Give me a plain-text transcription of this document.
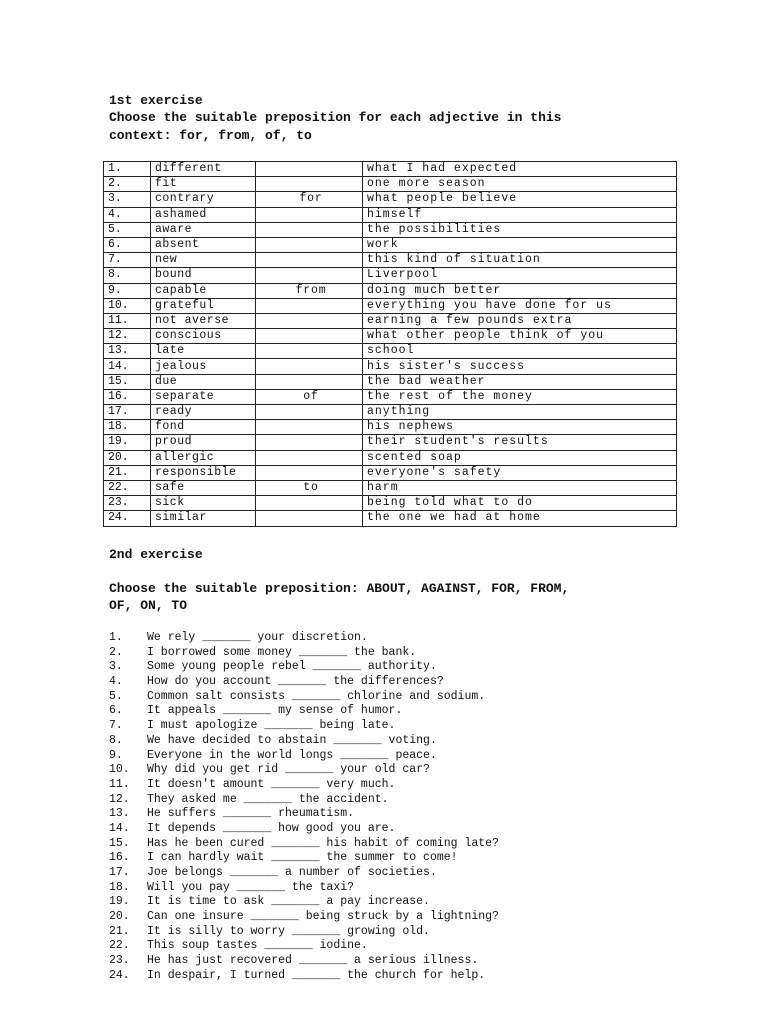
1st exercise

Choose the suitable preposition for each adjective in this

context: for, from, of, to

1.	different		what I had expected
2.	fit		one more season
3.	contrary	for	what people believe
4.	ashamed		himself
5.	aware		the possibilities
6.	absent		work
7.	new		this kind of situation
8.	bound		Liverpool
9.	capable	from	doing much better
10.	grateful		everything you have done for us
11.	not averse		earning a few pounds extra
12.	conscious		what other people think of you
13.	late		school
14.	jealous		his sister's success
15.	due		the bad weather
16.	separate	of	the rest of the money
17.	ready		anything
18.	fond		his nephews
19.	proud		their student's results
20.	allergic		scented soap
21.	responsible		everyone's safety
22.	safe	to	harm
23.	sick		being told what to do
24.	similar		the one we had at home

2nd exercise

Choose the suitable preposition: ABOUT, AGAINST, FOR, FROM,

OF, ON, TO

1. We rely _______ your discretion.
2. I borrowed some money _______ the bank.
3. Some young people rebel _______ authority.
4. How do you account _______ the differences?
5. Common salt consists _______ chlorine and sodium.
6. It appeals _______ my sense of humor.
7. I must apologize _______ being late.
8. We have decided to abstain _______ voting.
9. Everyone in the world longs _______ peace.
10. Why did you get rid _______ your old car?
11. It doesn't amount _______ very much.
12. They asked me _______ the accident.
13. He suffers _______ rheumatism.
14. It depends _______ how good you are.
15. Has he been cured _______ his habit of coming late?
16. I can hardly wait _______ the summer to come!
17. Joe belongs _______ a number of societies.
18. Will you pay _______ the taxi?
19. It is time to ask _______ a pay increase.
20. Can one insure _______ being struck by a lightning?
21. It is silly to worry _______ growing old.
22. This soup tastes _______ iodine.
23. He has just recovered _______ a serious illness.
24. In despair, I turned _______ the church for help.
